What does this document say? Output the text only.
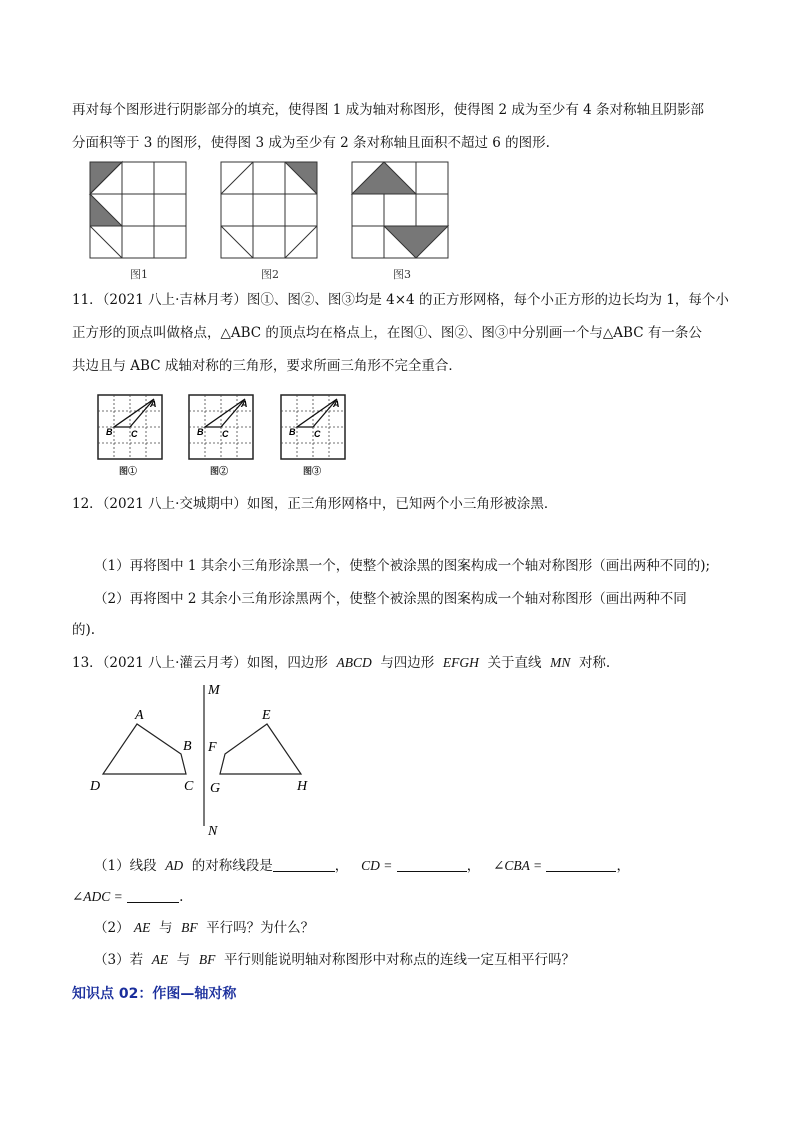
再对每个图形进行阴影部分的填充，使得图 1 成为轴对称图形，使得图 2 成为至少有 4 条对称轴且阴影部
分面积等于 3 的图形，使得图 3 成为至少有 2 条对称轴且面积不超过 6 的图形.
图1	图2	图3
11．（2021 八上·吉林月考）图①、图②、图③均是 4×4 的正方形网格，每个小正方形的边长均为 1，每个小
正方形的顶点叫做格点，△ABC 的顶点均在格点上，在图①、图②、图③中分别画一个与△ABC 有一条公
共边且与 ABC 成轴对称的三角形，要求所画三角形不完全重合．
B C
A
B C
A
B C
A
图①	图②	图③
12．（2021 八上·交城期中）如图，正三角形网格中，已知两个小三角形被涂黑．
（1）再将图中 1 其余小三角形涂黑一个，使整个被涂黑的图案构成一个轴对称图形（画出两种不同的);
（2）再将图中 2 其余小三角形涂黑两个，使整个被涂黑的图案构成一个轴对称图形（画出两种不同
的).
13．（2021 八上·灌云月考）如图，四边形 ABCD 与四边形 EFGH 关于直线 MN 对称.
M
N
A
B
C
D
E
F
G	H
（1）线段 AD 的对称线段是	，   CD =	，   ∠CBA =	，
∠ADC =	.
（2） AE 与 BF 平行吗？为什么？
（3）若 AE 与 BF 平行则能说明轴对称图形中对称点的连线一定互相平行吗？
知识点 02：作图—轴对称
